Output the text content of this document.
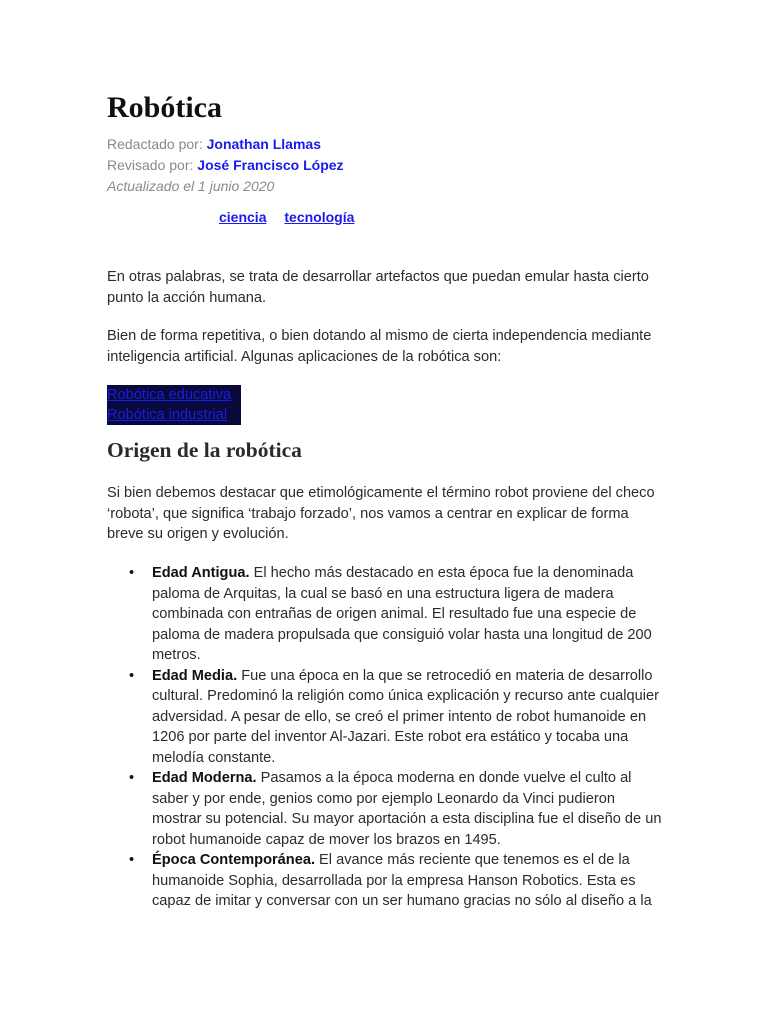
Robótica
Redactado por: Jonathan Llamas
Revisado por: José Francisco López
Actualizado el 1 junio 2020
ciencia tecnología

En otras palabras, se trata de desarrollar artefactos que puedan emular hasta cierto punto la acción humana.

Bien de forma repetitiva, o bien dotando al mismo de cierta independencia mediante inteligencia artificial. Algunas aplicaciones de la robótica son:

Robótica educativa
Robótica industrial
Origen de la robótica

Si bien debemos destacar que etimológicamente el término robot proviene del checo ‘robota’, que significa ‘trabajo forzado’, nos vamos a centrar en explicar de forma breve su origen y evolución.

• Edad Antigua. El hecho más destacado en esta época fue la denominada paloma de Arquitas, la cual se basó en una estructura ligera de madera combinada con entrañas de origen animal. El resultado fue una especie de paloma de madera propulsada que consiguió volar hasta una longitud de 200 metros.
• Edad Media. Fue una época en la que se retrocedió en materia de desarrollo cultural. Predominó la religión como única explicación y recurso ante cualquier adversidad. A pesar de ello, se creó el primer intento de robot humanoide en 1206 por parte del inventor Al-Jazari. Este robot era estático y tocaba una melodía constante.
• Edad Moderna. Pasamos a la época moderna en donde vuelve el culto al saber y por ende, genios como por ejemplo Leonardo da Vinci pudieron mostrar su potencial. Su mayor aportación a esta disciplina fue el diseño de un robot humanoide capaz de mover los brazos en 1495.
• Época Contemporánea. El avance más reciente que tenemos es el de la humanoide Sophia, desarrollada por la empresa Hanson Robotics. Esta es capaz de imitar y conversar con un ser humano gracias no sólo al diseño a la
